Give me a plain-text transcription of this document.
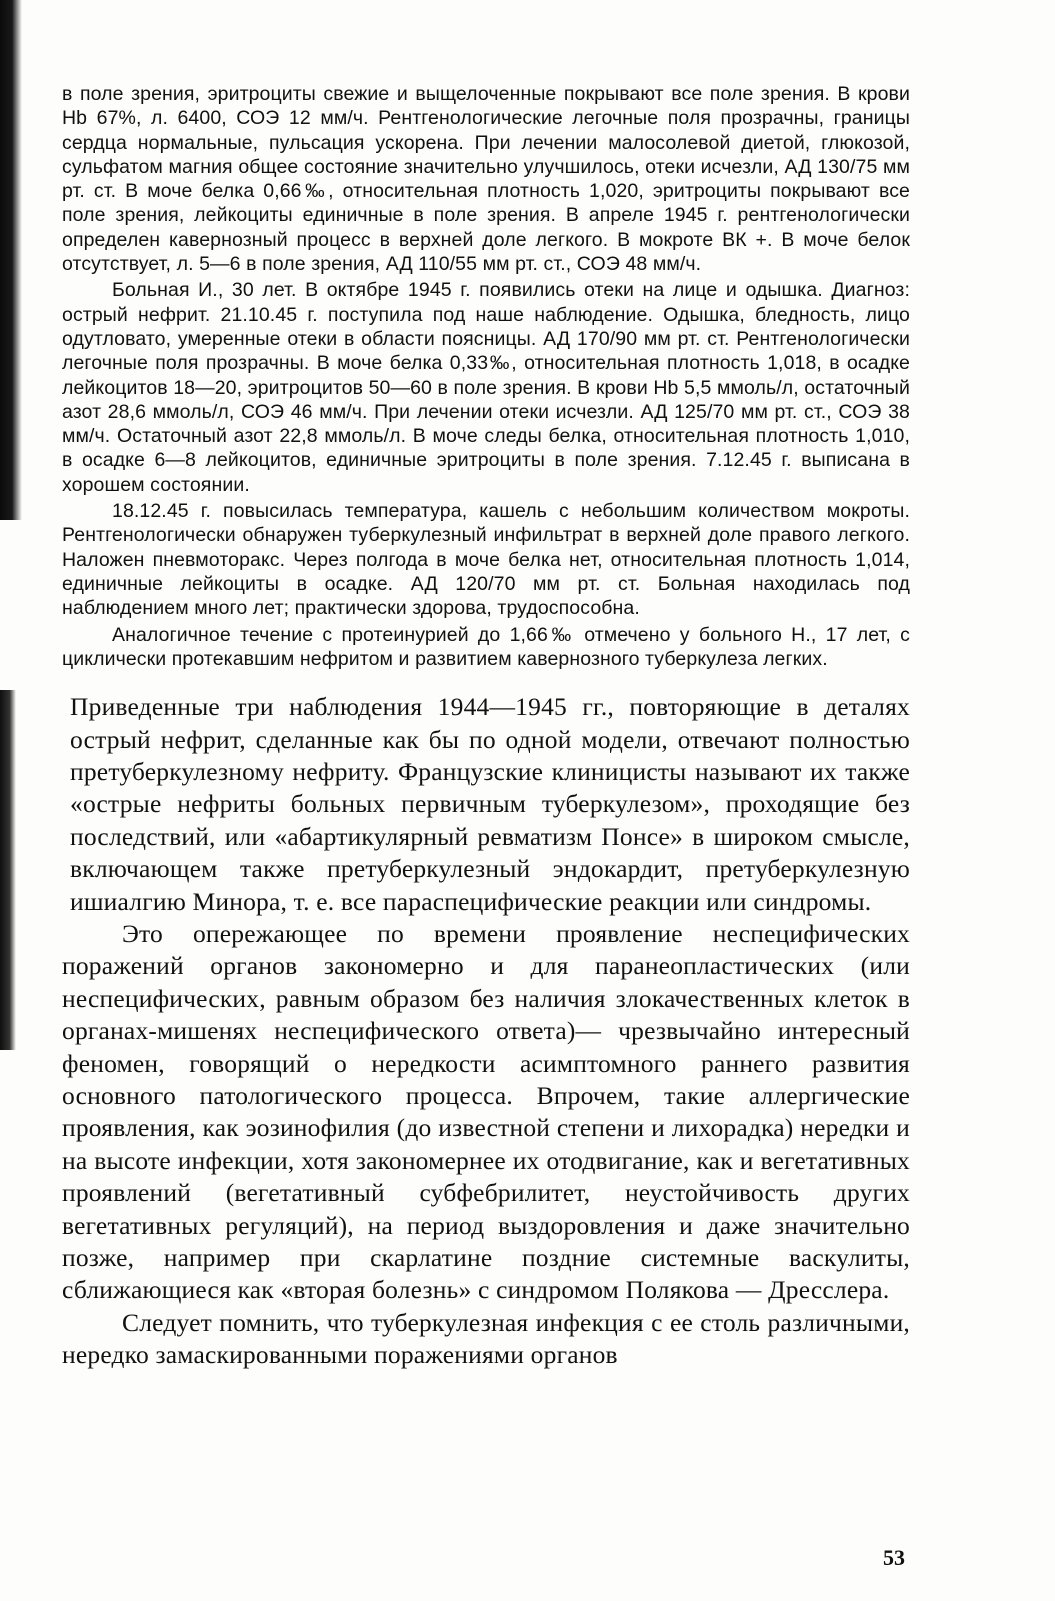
в поле зрения, эритроциты свежие и выщелоченные покрывают все поле зрения. В крови Hb 67%, л. 6400, СОЭ 12 мм/ч. Рентгенологические легочные поля прозрачны, границы сердца нормальные, пульсация ускорена. При лечении малосолевой диетой, глюкозой, сульфатом магния общее состояние значительно улучшилось, отеки исчезли, АД 130/75 мм рт. ст. В моче белка 0,66‰, относительная плотность 1,020, эритроциты покрывают все поле зрения, лейкоциты единичные в поле зрения. В апреле 1945 г. рентгенологически определен кавернозный процесс в верхней доле легкого. В мокроте ВК +. В моче белок отсутствует, л. 5—6 в поле зрения, АД 110/55 мм рт. ст., СОЭ 48 мм/ч.

Больная И., 30 лет. В октябре 1945 г. появились отеки на лице и одышка. Диагноз: острый нефрит. 21.10.45 г. поступила под наше наблюдение. Одышка, бледность, лицо одутловато, умеренные отеки в области поясницы. АД 170/90 мм рт. ст. Рентгенологически легочные поля прозрачны. В моче белка 0,33‰, относительная плотность 1,018, в осадке лейкоцитов 18—20, эритроцитов 50—60 в поле зрения. В крови Hb 5,5 ммоль/л, остаточный азот 28,6 ммоль/л, СОЭ 46 мм/ч. При лечении отеки исчезли. АД 125/70 мм рт. ст., СОЭ 38 мм/ч. Остаточный азот 22,8 ммоль/л. В моче следы белка, относительная плотность 1,010, в осадке 6—8 лейкоцитов, единичные эритроциты в поле зрения. 7.12.45 г. выписана в хорошем состоянии.

18.12.45 г. повысилась температура, кашель с небольшим количеством мокроты. Рентгенологически обнаружен туберкулезный инфильтрат в верхней доле правого легкого. Наложен пневмоторакс. Через полгода в моче белка нет, относительная плотность 1,014, единичные лейкоциты в осадке. АД 120/70 мм рт. ст. Больная находилась под наблюдением много лет; практически здорова, трудоспособна.

Аналогичное течение с протеинурией до 1,66‰ отмечено у больного Н., 17 лет, с циклически протекавшим нефритом и развитием кавернозного туберкулеза легких.

Приведенные три наблюдения 1944—1945 гг., повторяющие в деталях острый нефрит, сделанные как бы по одной модели, отвечают полностью претуберкулезному нефриту. Французские клиницисты называют их также «острые нефриты больных первичным туберкулезом», проходящие без последствий, или «абартикулярный ревматизм Понсе» в широком смысле, включающем также претуберкулезный эндокардит, претуберкулезную ишиалгию Минора, т. е. все параспецифические реакции или синдромы.

Это опережающее по времени проявление неспецифических поражений органов закономерно и для паранеопластических (или неспецифических, равным образом без наличия злокачественных клеток в органах-мишенях неспецифического ответа)— чрезвычайно интересный феномен, говорящий о нередкости асимптомного раннего развития основного патологического процесса. Впрочем, такие аллергические проявления, как эозинофилия (до известной степени и лихорадка) нередки и на высоте инфекции, хотя закономернее их отодвигание, как и вегетативных проявлений (вегетативный субфебрилитет, неустойчивость других вегетативных регуляций), на период выздоровления и даже значительно позже, например при скарлатине поздние системные васкулиты, сближающиеся как «вторая болезнь» с синдромом Полякова — Дресслера.

Следует помнить, что туберкулезная инфекция с ее столь различными, нередко замаскированными поражениями органов

53
